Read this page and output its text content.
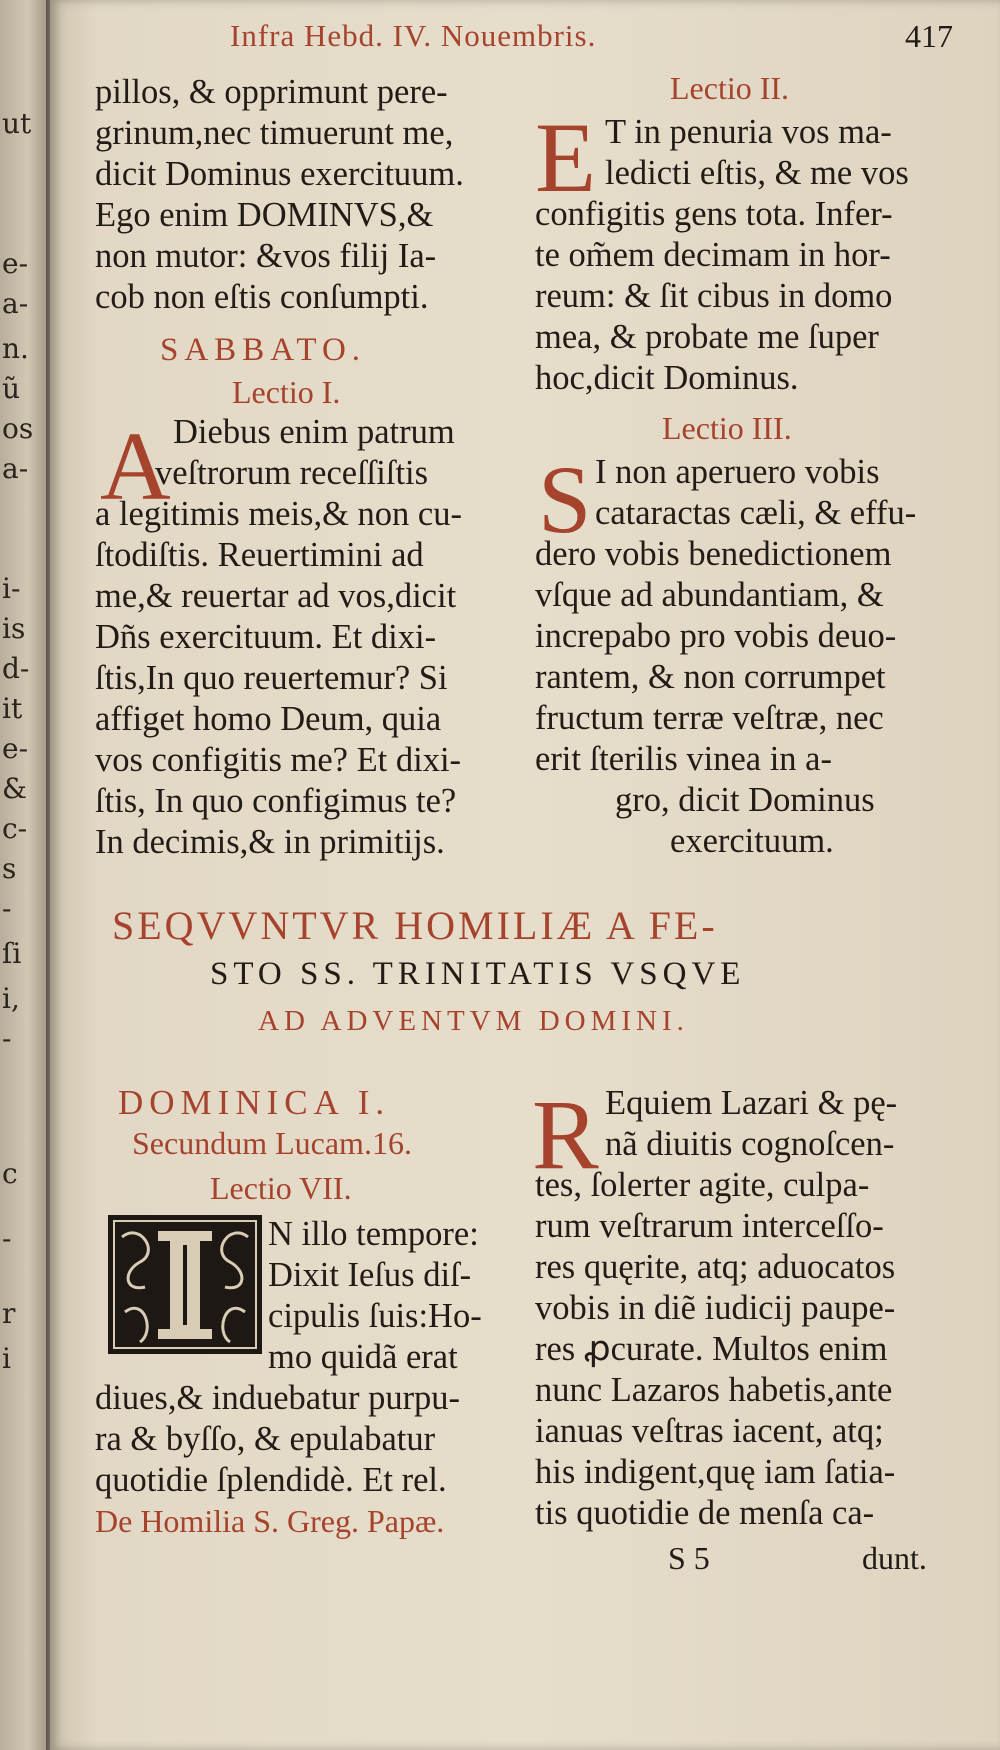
ut
e-
a-
n.
ũ
os
a-
i-
is
d-
it
e-
&
c-
s
-
ſi
i,
-
c
-
r
i
Infra Hebd. IV. Nouembris.	417
pillos, & opprimunt pere-
grinum,nec timuerunt me,
dicit Dominus exercituum.
Ego enim DOMINVS,&
non mutor: &vos filij Ia-
cob non eſtis conſumpti.
SABBATO.
Lectio I.
A Diebus enim patrum
veſtrorum receſſiſtis
a legitimis meis,& non cu-
ſtodiſtis. Reuertimini ad
me,& reuertar ad vos,dicit
Dñs exercituum. Et dixi-
ſtis,In quo reuertemur? Si
affiget homo Deum, quia
vos configitis me? Et dixi-
ſtis, In quo configimus te?
In decimis,& in primitijs.
Lectio II.
E T in penuria vos ma-
ledicti eſtis, & me vos
configitis gens tota. Infer-
te om̃em decimam in hor-
reum: & ſit cibus in domo
mea, & probate me ſuper
hoc,dicit Dominus.
Lectio III.
S I non aperuero vobis
cataractas cæli, & effu-
dero vobis benedictionem
vſque ad abundantiam, &
increpabo pro vobis deuo-
rantem, & non corrumpet
fructum terræ veſtræ, nec
erit ſterilis vinea in a-
gro, dicit Dominus
exercituum.
SEQVVNTVR HOMILIÆ A FE-
STO SS. TRINITATIS VSQVE
AD ADVENTVM DOMINI.
DOMINICA I.
Secundum Lucam.16.
Lectio VII.
N illo tempore:
Dixit Ieſus diſ-
cipulis ſuis:Ho-
mo quidã erat
diues,& induebatur purpu-
ra & byſſo, & epulabatur
quotidie ſplendidè. Et rel.
De Homilia S. Greg. Papæ.
R Equiem Lazari & pę-
nã diuitis cognoſcen-
tes, ſolerter agite, culpa-
rum veſtrarum interceſſo-
res quęrite, atq; aduocatos
vobis in diẽ iudicij paupe-
res ꝓcurate. Multos enim
nunc Lazaros habetis,ante
ianuas veſtras iacent, atq;
his indigent,quę iam ſatia-
tis quotidie de menſa ca-
S 5	dunt.
